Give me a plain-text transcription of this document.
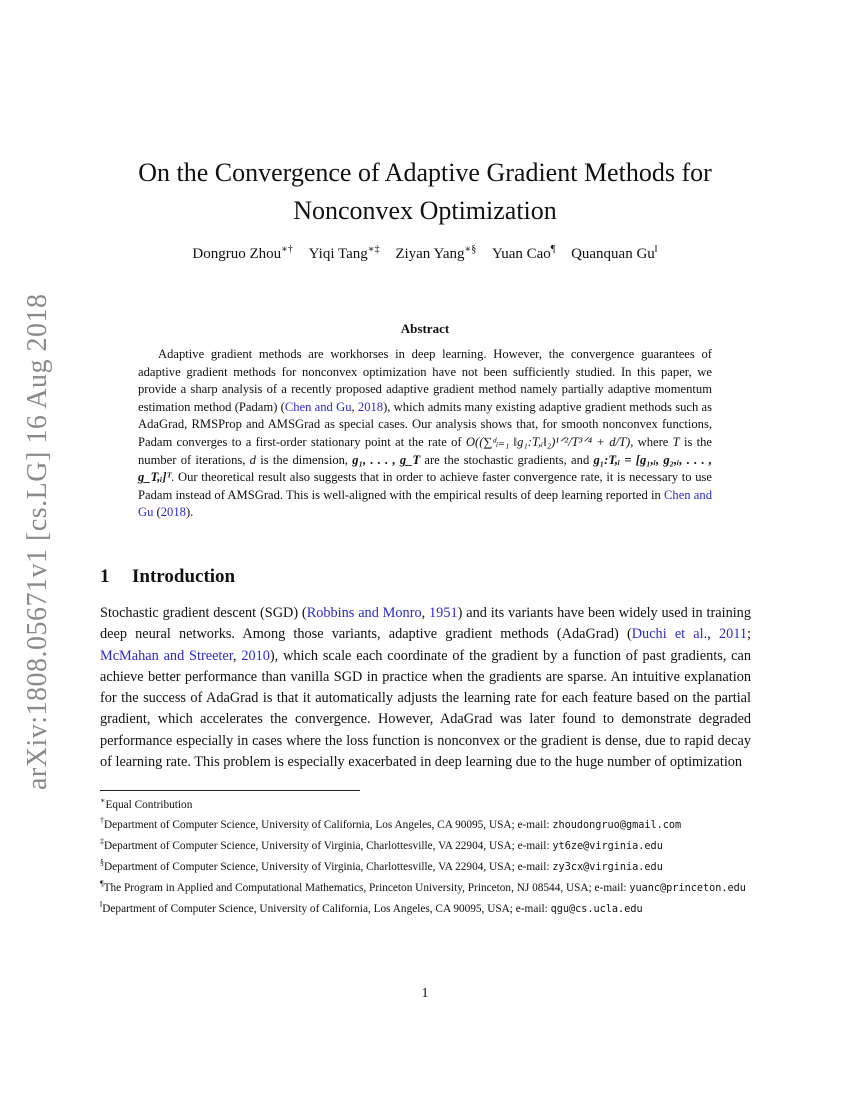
arXiv:1808.05671v1 [cs.LG] 16 Aug 2018
On the Convergence of Adaptive Gradient Methods for
Nonconvex Optimization
Dongruo Zhou∗† Yiqi Tang∗‡ Ziyan Yang∗§ Yuan Cao¶ Quanquan Gu‖
Abstract
Adaptive gradient methods are workhorses in deep learning. However, the convergence guarantees of adaptive gradient methods for nonconvex optimization have not been sufficiently studied. In this paper, we provide a sharp analysis of a recently proposed adaptive gradient method namely partially adaptive momentum estimation method (Padam) (Chen and Gu, 2018), which admits many existing adaptive gradient methods such as AdaGrad, RMSProp and AMSGrad as special cases. Our analysis shows that, for smooth nonconvex functions, Padam converges to a first-order stationary point at the rate of O((∑ᵈᵢ₌₁ ‖g₁:T,ᵢ‖₂)¹ᐟ²/T³ᐟ⁴ + d/T), where T is the number of iterations, d is the dimension, g₁, . . . , g_T are the stochastic gradients, and g₁:T,ᵢ = [g₁,ᵢ, g₂,ᵢ, . . . , g_T,ᵢ]ᵀ. Our theoretical result also suggests that in order to achieve faster convergence rate, it is necessary to use Padam instead of AMSGrad. This is well-aligned with the empirical results of deep learning reported in Chen and Gu (2018).
1 Introduction
Stochastic gradient descent (SGD) (Robbins and Monro, 1951) and its variants have been widely used in training deep neural networks. Among those variants, adaptive gradient methods (AdaGrad) (Duchi et al., 2011; McMahan and Streeter, 2010), which scale each coordinate of the gradient by a function of past gradients, can achieve better performance than vanilla SGD in practice when the gradients are sparse. An intuitive explanation for the success of AdaGrad is that it automatically adjusts the learning rate for each feature based on the partial gradient, which accelerates the convergence. However, AdaGrad was later found to demonstrate degraded performance especially in cases where the loss function is nonconvex or the gradient is dense, due to rapid decay of learning rate. This problem is especially exacerbated in deep learning due to the huge number of optimization

∗Equal Contribution

†Department of Computer Science, University of California, Los Angeles, CA 90095, USA; e-mail: zhoudongruo@gmail.com

‡Department of Computer Science, University of Virginia, Charlottesville, VA 22904, USA; e-mail: yt6ze@virginia.edu

§Department of Computer Science, University of Virginia, Charlottesville, VA 22904, USA; e-mail: zy3cx@virginia.edu

¶The Program in Applied and Computational Mathematics, Princeton University, Princeton, NJ 08544, USA; e-mail: yuanc@princeton.edu

‖Department of Computer Science, University of California, Los Angeles, CA 90095, USA; e-mail: qgu@cs.ucla.edu

1
